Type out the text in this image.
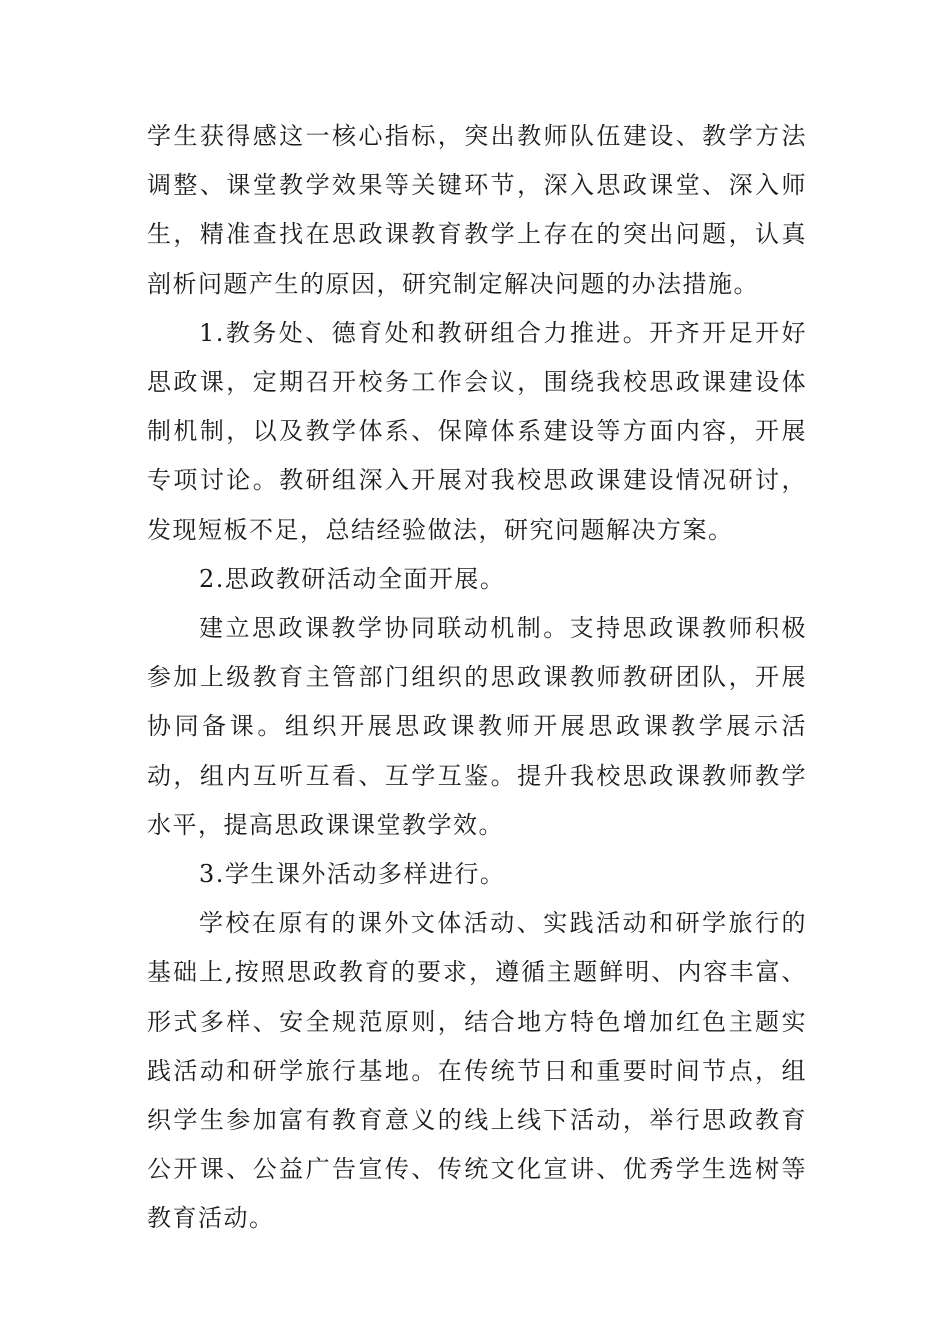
学生获得感这一核心指标，突出教师队伍建设、教学方法调整、课堂教学效果等关键环节，深入思政课堂、深入师生，精准查找在思政课教育教学上存在的突出问题，认真剖析问题产生的原因，研究制定解决问题的办法措施。

1.教务处、德育处和教研组合力推进。开齐开足开好思政课，定期召开校务工作会议，围绕我校思政课建设体制机制，以及教学体系、保障体系建设等方面内容，开展专项讨论。教研组深入开展对我校思政课建设情况研讨，发现短板不足，总结经验做法，研究问题解决方案。

2.思政教研活动全面开展。

建立思政课教学协同联动机制。支持思政课教师积极参加上级教育主管部门组织的思政课教师教研团队，开展协同备课。组织开展思政课教师开展思政课教学展示活动，组内互听互看、互学互鉴。提升我校思政课教师教学水平，提高思政课课堂教学效。

3.学生课外活动多样进行。

学校在原有的课外文体活动、实践活动和研学旅行的基础上,按照思政教育的要求，遵循主题鲜明、内容丰富、形式多样、安全规范原则，结合地方特色增加红色主题实践活动和研学旅行基地。在传统节日和重要时间节点，组织学生参加富有教育意义的线上线下活动，举行思政教育公开课、公益广告宣传、传统文化宣讲、优秀学生选树等教育活动。
